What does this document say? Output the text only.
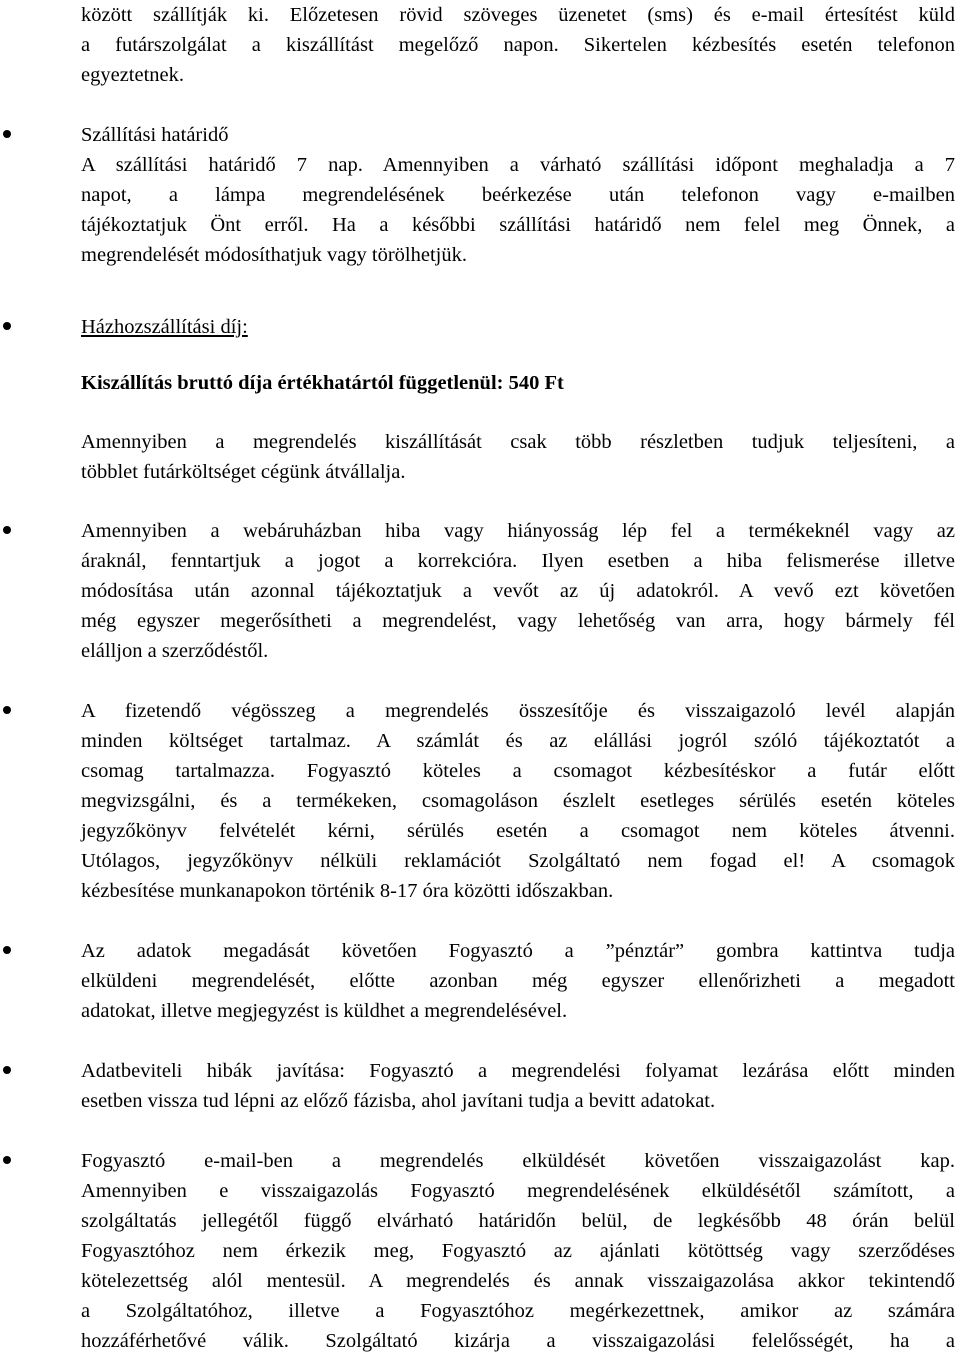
között szállítják ki. Előzetesen rövid szöveges üzenetet (sms) és e-mail értesítést küld
a futárszolgálat a kiszállítást megelőző napon. Sikertelen kézbesítés esetén telefonon
egyeztetnek.
Szállítási határidő
A szállítási határidő 7 nap. Amennyiben a várható szállítási időpont meghaladja a 7
napot, a lámpa megrendelésének beérkezése után telefonon vagy e-mailben
tájékoztatjuk Önt erről. Ha a későbbi szállítási határidő nem felel meg Önnek, a
megrendelését módosíthatjuk vagy törölhetjük.
Házhozszállítási díj:
Kiszállítás bruttó díja értékhatártól függetlenül: 540 Ft
Amennyiben a megrendelés kiszállítását csak több részletben tudjuk teljesíteni, a
többlet futárköltséget cégünk átvállalja.
Amennyiben a webáruházban hiba vagy hiányosság lép fel a termékeknél vagy az
áraknál, fenntartjuk a jogot a korrekcióra. Ilyen esetben a hiba felismerése illetve
módosítása után azonnal tájékoztatjuk a vevőt az új adatokról. A vevő ezt követően
még egyszer megerősítheti a megrendelést, vagy lehetőség van arra, hogy bármely fél
elálljon a szerződéstől.
A fizetendő végösszeg a megrendelés összesítője és visszaigazoló levél alapján
minden költséget tartalmaz. A számlát és az elállási jogról szóló tájékoztatót a
csomag tartalmazza. Fogyasztó köteles a csomagot kézbesítéskor a futár előtt
megvizsgálni, és a termékeken, csomagoláson észlelt esetleges sérülés esetén köteles
jegyzőkönyv felvételét kérni, sérülés esetén a csomagot nem köteles átvenni.
Utólagos, jegyzőkönyv nélküli reklamációt Szolgáltató nem fogad el! A csomagok
kézbesítése munkanapokon történik 8-17 óra közötti időszakban.
Az adatok megadását követően Fogyasztó a ”pénztár” gombra kattintva tudja
elküldeni megrendelését, előtte azonban még egyszer ellenőrizheti a megadott
adatokat, illetve megjegyzést is küldhet a megrendelésével.
Adatbeviteli hibák javítása: Fogyasztó a megrendelési folyamat lezárása előtt minden
esetben vissza tud lépni az előző fázisba, ahol javítani tudja a bevitt adatokat.
Fogyasztó e-mail-ben a megrendelés elküldését követően visszaigazolást kap.
Amennyiben e visszaigazolás Fogyasztó megrendelésének elküldésétől számított, a
szolgáltatás jellegétől függő elvárható határidőn belül, de legkésőbb 48 órán belül
Fogyasztóhoz nem érkezik meg, Fogyasztó az ajánlati kötöttség vagy szerződéses
kötelezettség alól mentesül. A megrendelés és annak visszaigazolása akkor tekintendő
a Szolgáltatóhoz, illetve a Fogyasztóhoz megérkezettnek, amikor az számára
hozzáférhetővé válik. Szolgáltató kizárja a visszaigazolási felelősségét, ha a
